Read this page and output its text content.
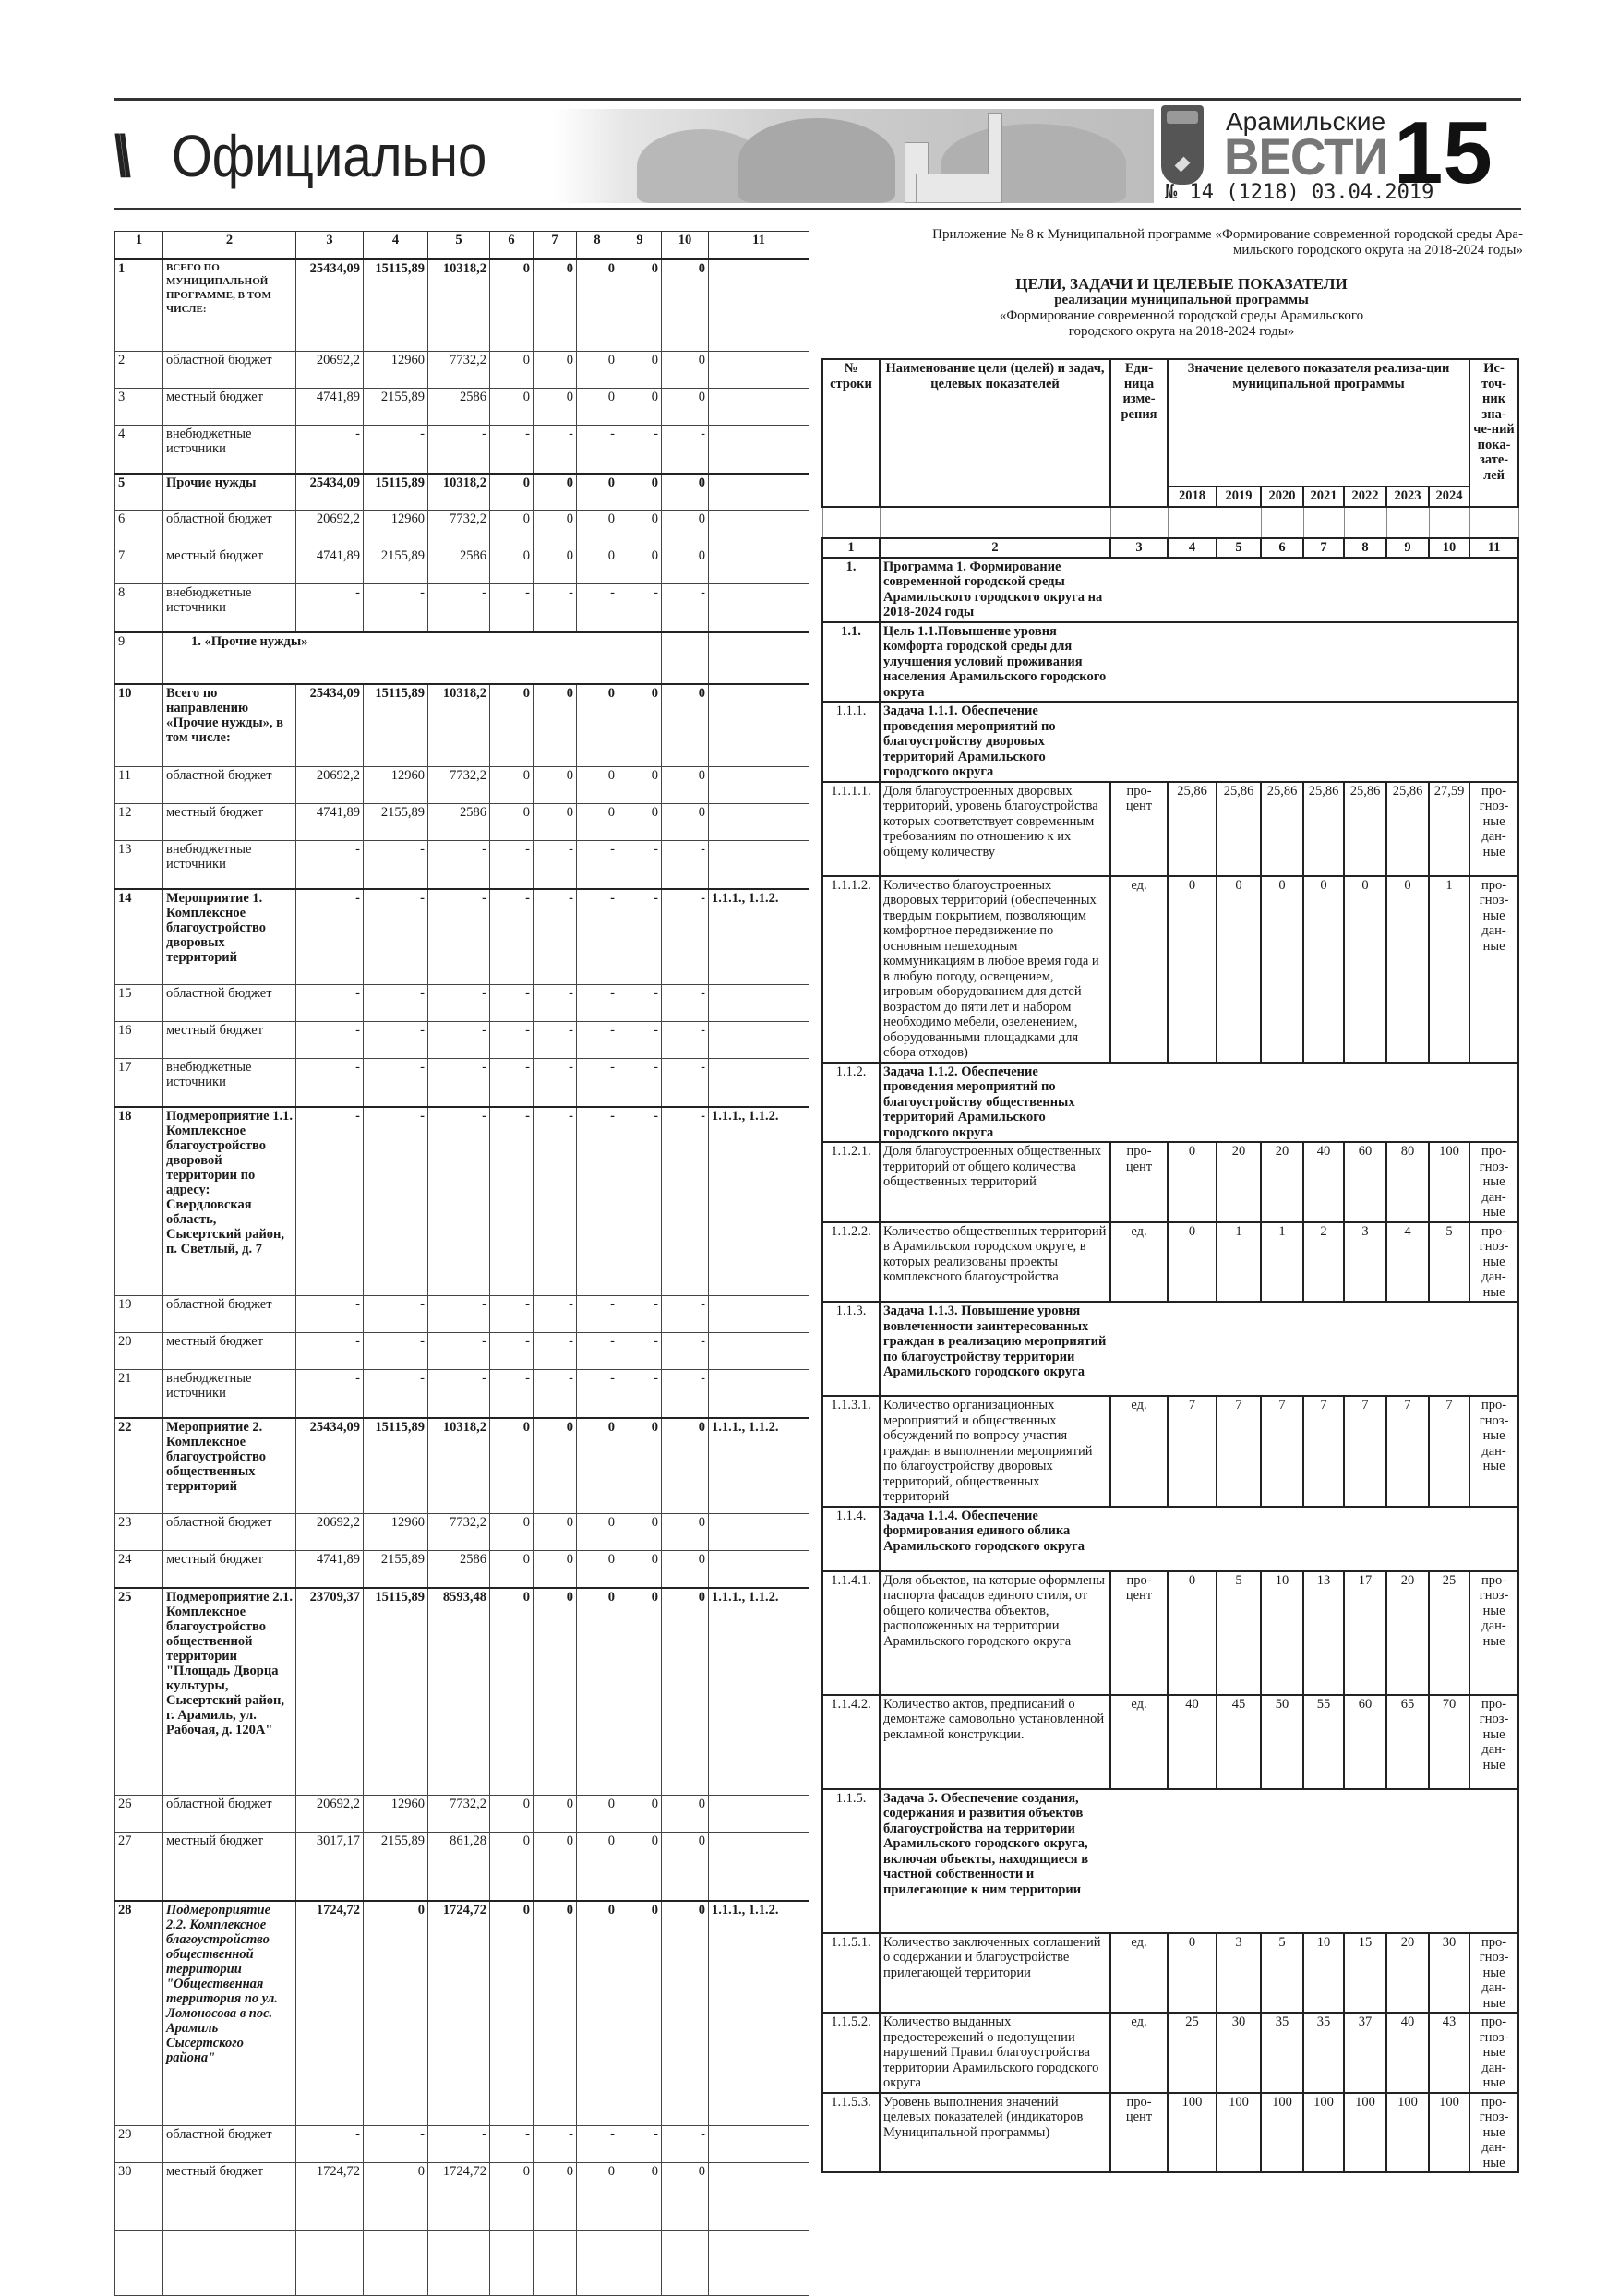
\\ Официально
Арамильские
ВЕСТИ
№ 14 (1218) 03.04.2019
15
1	2	3	4	5	6	7	8	9	10	11	
1	ВСЕГО ПО МУНИЦИПАЛЬНОЙ ПРОГРАММЕ, В ТОМ ЧИСЛЕ:	25434,09	15115,89	10318,2	0	0	0	0	0		
2	областной бюджет	20692,2	12960	7732,2	0	0	0	0	0		
3	местный бюджет	4741,89	2155,89	2586	0	0	0	0	0		
4	внебюджетные источники	-	-	-	-	-	-	-	-		
5	Прочие нужды	25434,09	15115,89	10318,2	0	0	0	0	0		
6	областной бюджет	20692,2	12960	7732,2	0	0	0	0	0		
7	местный бюджет	4741,89	2155,89	2586	0	0	0	0	0		
8	внебюджетные источники	-	-	-	-	-	-	-	-		
9	1. «Прочие нужды»										
10	Всего по направлению «Прочие нужды», в том числе:	25434,09	15115,89	10318,2	0	0	0	0	0		
11	областной бюджет	20692,2	12960	7732,2	0	0	0	0	0		
12	местный бюджет	4741,89	2155,89	2586	0	0	0	0	0		
13	внебюджетные источники	-	-	-	-	-	-	-	-		
14	Мероприятие 1. Комплексное благоустройство дворовых территорий	-	-	-	-	-	-	-	-	1.1.1., 1.1.2.	
15	областной бюджет	-	-	-	-	-	-	-	-		
16	местный бюджет	-	-	-	-	-	-	-	-		
17	внебюджетные источники	-	-	-	-	-	-	-	-		
18	Подмероприятие 1.1. Комплексное благоустройство дворовой территории по адресу: Свердловская область, Сысертский район, п. Светлый, д. 7	-	-	-	-	-	-	-	-	1.1.1., 1.1.2.	
19	областной бюджет	-	-	-	-	-	-	-	-		
20	местный бюджет	-	-	-	-	-	-	-	-		
21	внебюджетные источники	-	-	-	-	-	-	-	-		
22	Мероприятие 2. Комплексное благоустройство общественных территорий	25434,09	15115,89	10318,2	0	0	0	0	0	1.1.1., 1.1.2.	
23	областной бюджет	20692,2	12960	7732,2	0	0	0	0	0		
24	местный бюджет	4741,89	2155,89	2586	0	0	0	0	0		
25	Подмероприятие 2.1. Комплексное благоустройство общественной территории "Площадь Дворца культуры, Сысертский район, г. Арамиль, ул. Рабочая, д. 120А"	23709,37	15115,89	8593,48	0	0	0	0	0	1.1.1., 1.1.2.	
26	областной бюджет	20692,2	12960	7732,2	0	0	0	0	0		
27	местный бюджет	3017,17	2155,89	861,28	0	0	0	0	0		
28	Подмероприятие 2.2. Комплексное благоустройство общественной территории "Общественная территория по ул. Ломоносова в пос. Арамиль Сысертского района"	1724,72	0	1724,72	0	0	0	0	0	1.1.1., 1.1.2.	
29	областной бюджет	-	-	-	-	-	-	-	-		
30	местный бюджет	1724,72	0	1724,72	0	0	0	0	0		

Приложение № 8 к Муниципальной программе «Формирование современной городской среды Ара-
мильского городского округа на 2018-2024 годы»
ЦЕЛИ, ЗАДАЧИ И ЦЕЛЕВЫЕ ПОКАЗАТЕЛИ
реализации муниципальной программы
«Формирование современной городской среды Арамильского
городского округа на 2018-2024 годы»
№ строки	Наименование цели (целей) и задач, целевых показателей	Еди-ница изме-рения	Значение целевого показателя реализа-ции муниципальной программы							Ис-точ-ник зна-че-ний пока-зате-лей
			2018	2019	2020	2021	2022	2023	2024	

1	2	3	4	5	6	7	8	9	10	11
1.	Программа 1. Формирование современной городской среды Арамильского городского округа на 2018-2024 годы									
1.1.	Цель 1.1.Повышение уровня комфорта городской среды для улучшения условий проживания населения Арамильского городского округа									
1.1.1.	Задача 1.1.1. Обеспечение проведения мероприятий по благоустройству дворовых территорий Арамильского городского округа									
1.1.1.1.	Доля благоустроенных дворовых территорий, уровень благоустройства которых соответствует современным требованиям по отношению к их общему количеству	про-цент	25,86	25,86	25,86	25,86	25,86	25,86	27,59	про-гноз-ные дан-ные
1.1.1.2.	Количество благоустроенных дворовых территорий (обеспеченных твердым покрытием, позволяющим комфортное передвижение по основным пешеходным коммуникациям в любое время года и в любую погоду, освещением, игровым оборудованием для детей возрастом до пяти лет и набором необходимо мебели, озеленением, оборудованными площадками для сбора отходов)	ед.	0	0	0	0	0	0	1	про-гноз-ные дан-ные
1.1.2.	Задача 1.1.2. Обеспечение проведения мероприятий по благоустройству общественных территорий Арамильского городского округа									
1.1.2.1.	Доля благоустроенных общественных территорий от общего количества общественных территорий	про-цент	0	20	20	40	60	80	100	про-гноз-ные дан-ные
1.1.2.2.	Количество общественных территорий в Арамильском городском округе, в которых реализованы проекты комплексного благоустройства	ед.	0	1	1	2	3	4	5	про-гноз-ные дан-ные
1.1.3.	Задача 1.1.3. Повышение уровня вовлеченности заинтересованных граждан в реализацию мероприятий по благоустройству территории Арамильского городского округа									
1.1.3.1.	Количество организационных мероприятий и общественных обсуждений по вопросу участия граждан в выполнении мероприятий по благоустройству дворовых территорий, общественных территорий	ед.	7	7	7	7	7	7	7	про-гноз-ные дан-ные
1.1.4.	Задача 1.1.4. Обеспечение формирования единого облика Арамильского городского округа									
1.1.4.1.	Доля объектов, на которые оформлены паспорта фасадов единого стиля, от общего количества объектов, расположенных на территории Арамильского городского округа	про-цент	0	5	10	13	17	20	25	про-гноз-ные дан-ные
1.1.4.2.	Количество актов, предписаний о демонтаже самовольно установленной рекламной конструкции.	ед.	40	45	50	55	60	65	70	про-гноз-ные дан-ные
1.1.5.	Задача 5. Обеспечение создания, содержания и развития объектов благоустройства на территории Арамильского городского округа, включая объекты, находящиеся в частной собственности и прилегающие к ним территории									
1.1.5.1.	Количество заключенных соглашений о содержании и благоустройстве прилегающей территории	ед.	0	3	5	10	15	20	30	про-гноз-ные дан-ные
1.1.5.2.	Количество выданных предостережений о недопущении нарушений Правил благоустройства территории Арамильского городского округа	ед.	25	30	35	35	37	40	43	про-гноз-ные дан-ные
1.1.5.3.	Уровень выполнения значений целевых показателей (индикаторов Муниципальной программы)	про-цент	100	100	100	100	100	100	100	про-гноз-ные дан-ные
